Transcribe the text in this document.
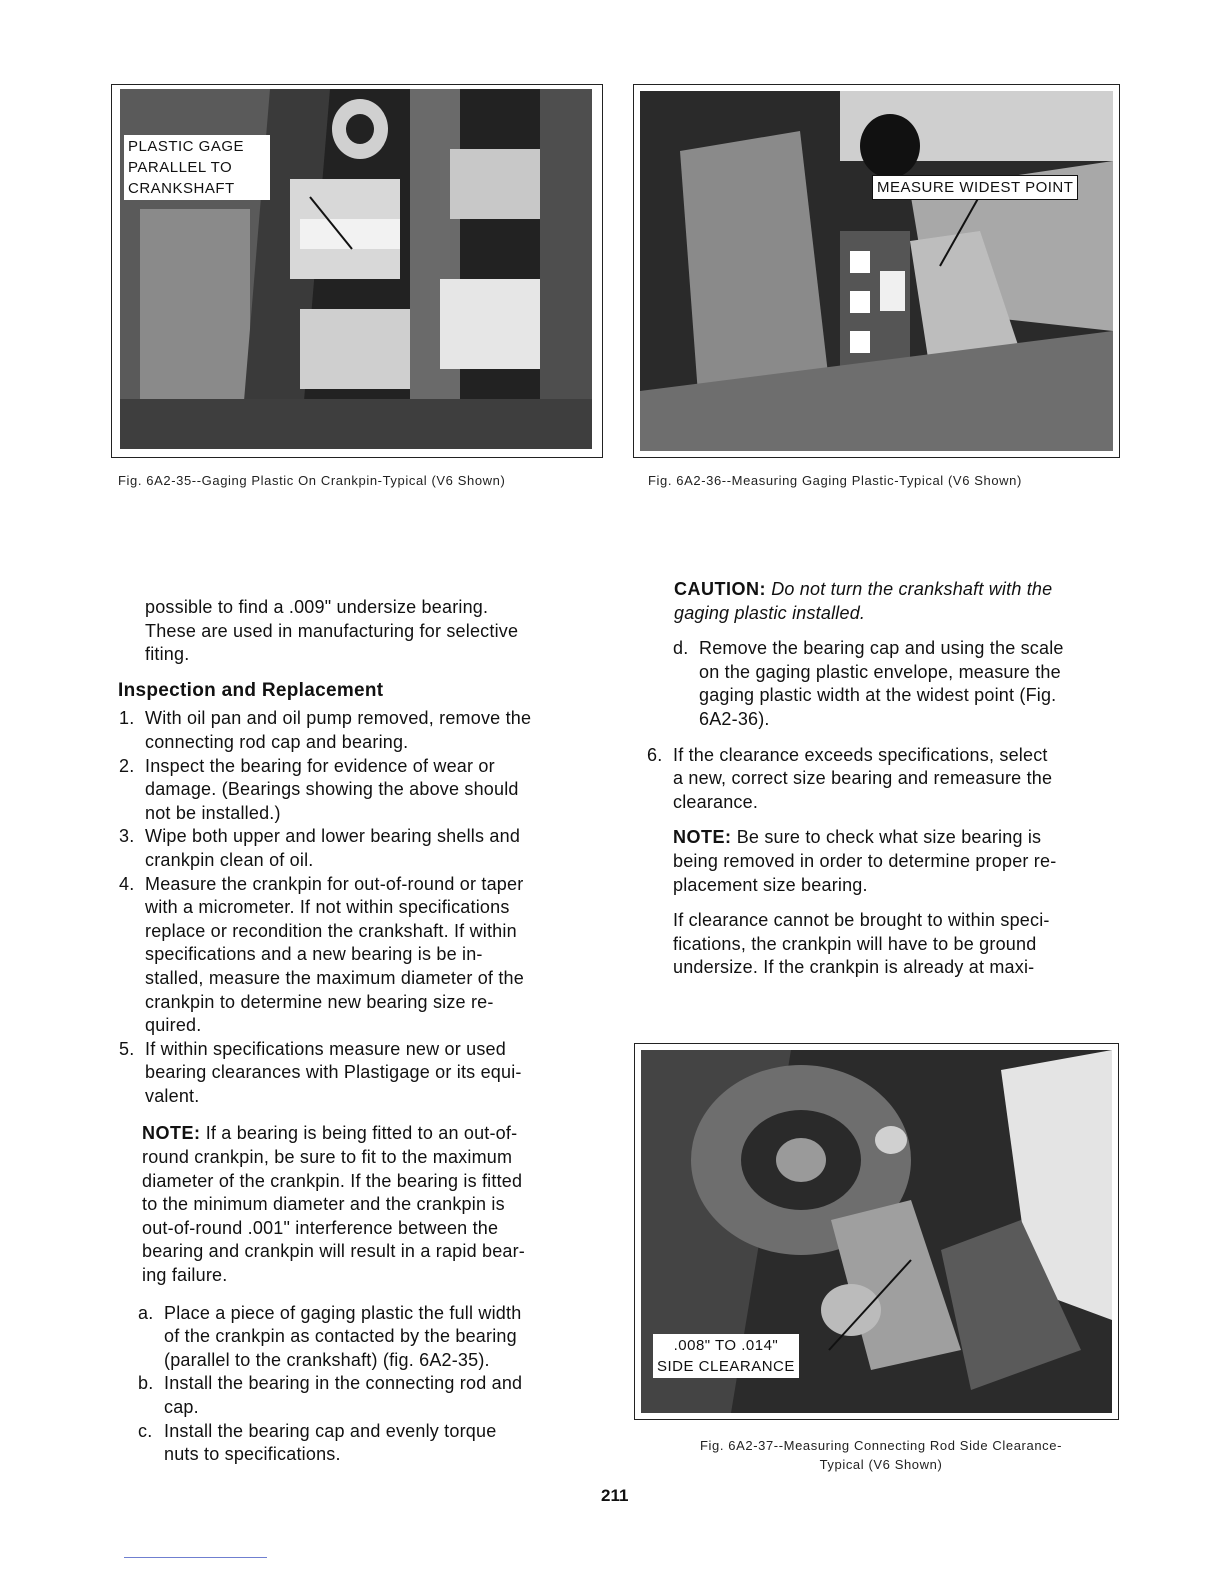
PLASTIC GAGE
PARALLEL TO
CRANKSHAFT
Fig. 6A2-35--Gaging Plastic On Crankpin-Typical (V6 Shown)
MEASURE WIDEST POINT
Fig. 6A2-36--Measuring Gaging Plastic-Typical (V6 Shown)
possible to find a .009" undersize bearing.
These are used in manufacturing for selective
fiting.
Inspection and Replacement
1. With oil pan and oil pump removed, remove the
connecting rod cap and bearing.
2. Inspect the bearing for evidence of wear or
damage. (Bearings showing the above should
not be installed.)
3. Wipe both upper and lower bearing shells and
crankpin clean of oil.
4. Measure the crankpin for out-of-round or taper
with a micrometer. If not within specifications
replace or recondition the crankshaft. If within
specifications and a new bearing is be in-
stalled, measure the maximum diameter of the
crankpin to determine new bearing size re-
quired.
5. If within specifications measure new or used
bearing clearances with Plastigage or its equi-
valent.
NOTE: If a bearing is being fitted to an out-of-
round crankpin, be sure to fit to the maximum
diameter of the crankpin. If the bearing is fitted
to the minimum diameter and the crankpin is
out-of-round .001" interference between the
bearing and crankpin will result in a rapid bear-
ing failure.
a. Place a piece of gaging plastic the full width
of the crankpin as contacted by the bearing
(parallel to the crankshaft) (fig. 6A2-35).
b. Install the bearing in the connecting rod and
cap.
c. Install the bearing cap and evenly torque
nuts to specifications.
CAUTION: Do not turn the crankshaft with the
gaging plastic installed.
d. Remove the bearing cap and using the scale
on the gaging plastic envelope, measure the
gaging plastic width at the widest point (Fig.
6A2-36).
6. If the clearance exceeds specifications, select
a new, correct size bearing and remeasure the
clearance.
NOTE: Be sure to check what size bearing is
being removed in order to determine proper re-
placement size bearing.
If clearance cannot be brought to within speci-
fications, the crankpin will have to be ground
undersize. If the crankpin is already at maxi-
.008" TO .014"
SIDE CLEARANCE
Fig. 6A2-37--Measuring Connecting Rod Side Clearance-
Typical (V6 Shown)
211
